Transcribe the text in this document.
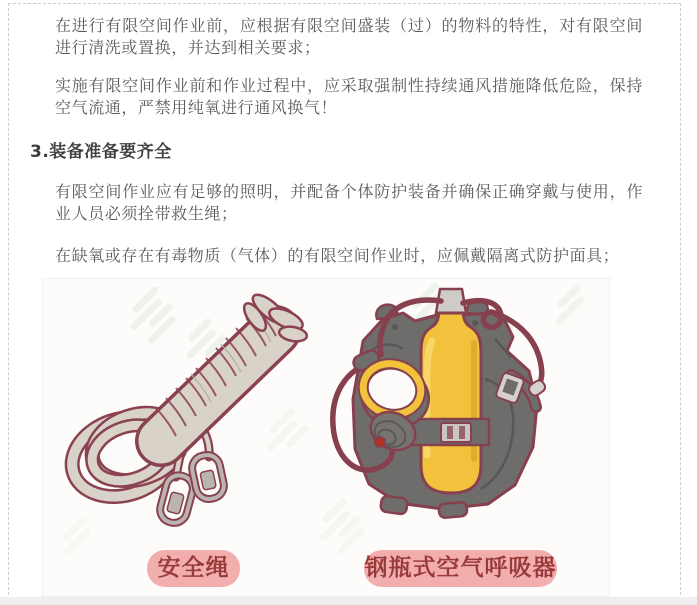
在进行有限空间作业前，应根据有限空间盛装（过）的物料的特性，对有限空间进行清洗或置换，并达到相关要求；

实施有限空间作业前和作业过程中，应采取强制性持续通风措施降低危险，保持空气流通，严禁用纯氧进行通风换气！

3.装备准备要齐全

有限空间作业应有足够的照明，并配备个体防护装备并确保正确穿戴与使用，作业人员必须拴带救生绳；

在缺氧或存在有毒物质（气体）的有限空间作业时，应佩戴隔离式防护面具；

安全绳	钢瓶式空气呼吸器
